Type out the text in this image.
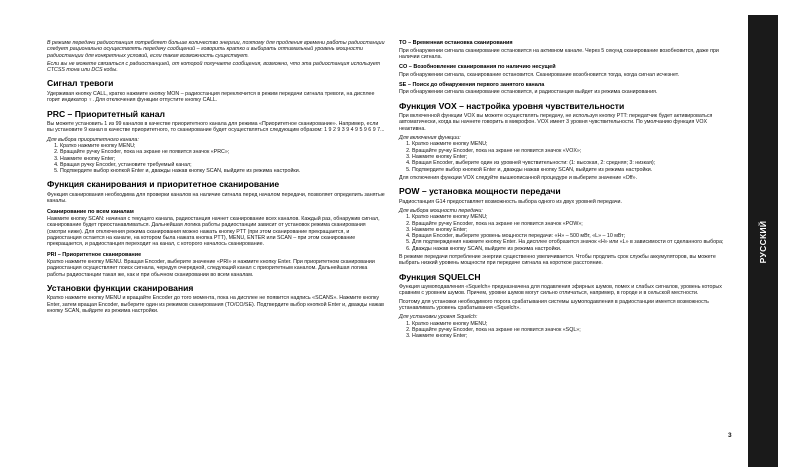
В режиме передачи радиостанция потребляет больше количество энергии, поэтому для продления времени работы радиостанции следует рационально осуществлять передачу сообщений – говорить кратко и выбирать оптимальный уровень мощности радиостанции для конкретных условий, если такая возможность существует.

Если вы не можете связаться с радиостанцией, от которой получаете сообщения, возможно, что эта радиостанция использует CTCSS тона или DCS коды.

Сигнал тревоги

Удерживая кнопку CALL, кратко нажмите кнопку MON – радиостанция переключится в режим передачи сигнала тревоги, на дисплее горит индикатор ♀. Для отключения функции отпустите кнопку CALL.

PRC – Приоритетный канал

Вы можете установить 1 из 99 каналов в качестве приоритетного канала для режима «Приоритетное сканирование». Например, если вы установите 9 канал в качестве приоритетного, то сканирование будет осуществляться следующим образом: 1 9 2 9 3 9 4 9 5 9 6 9 7...

Для выбора приоритетного канала:

1. Кратко нажмите кнопку MENU;
2. Вращайте ручку Encoder, пока на экране не появится значок «PRC»;
3. Нажмите кнопку Enter;
4. Вращая ручку Encoder, установите требуемый канал;
5. Подтвердите выбор кнопкой Enter и, дважды нажав кнопку SCAN, выйдите из режима настройки.
Функция сканирования и приоритетное сканирование

Функция сканирования необходима для проверки каналов на наличие сигнала перед началом передачи, позволяет определить занятые каналы.

Сканирование по всем каналам

Нажмите кнопку SCAN: начиная с текущего канала, радиостанция начнет сканирование всех каналов. Каждый раз, обнаружив сигнал, сканирование будет приостанавливаться. Дальнейшая логика работы радиостанции зависит от установок режима сканирования (смотри ниже). Для отключения режима сканирования можно нажать кнопку PTT (при этом сканирование прекращается, и радиостанция остается на канале, на котором была нажата кнопка PTT), MENU, ENTER или SCAN – при этом сканирование прекращается, и радиостанция переходит на канал, с которого началось сканирование.

PRI – Приоритетное сканирование

Кратко нажмите кнопку MENU. Вращая Encoder, выберите значение «PRI» и нажмите кнопку Enter. При приоритетном сканировании радиостанция осуществляет поиск сигнала, чередуя очередной, следующий канал с приоритетным каналом. Дальнейшая логика работы радиостанции такая же, как и при обычном сканировании во всем каналам.

Установки функции сканирования

Кратко нажмите кнопку MENU и вращайте Encoder до того момента, пока на дисплее не появится надпись «SCANS». Нажмите кнопку Enter, затем вращая Encoder, выберите один из режимов сканирования (TO/CO/SE). Подтвердите выбор кнопкой Enter и, дважды нажав кнопку SCAN, выйдите из режима настройки.

TO – Временная остановка сканирования

При обнаружении сигнала сканирование остановится на активном канале. Через 5 секунд сканирование возобновится, даже при наличии сигнала.

CO – Возобновление сканирования по наличию несущей

При обнаружении сигнала, сканирование остановится. Сканирование возобновится тогда, когда сигнал исчезнет.

SE – Поиск до обнаружения первого занятого канала

При обнаружении сигнала сканирование остановится, и радиостанция выйдет из режима сканирования.

Функция VOX – настройка уровня чувствительности

При включенной функции VOX вы можете осуществлять передачу, не используя кнопку PTT: передатчик будет активироваться автоматически, когда вы начнете говорить в микрофон. VOX имеет 3 уровня чувствительности. По умолчанию функция VOX неактивна.

Для включения функции:

1. Кратко нажмите кнопку MENU;
2. Вращайте ручку Encoder, пока на экране не появится значок «VOX»;
3. Нажмите кнопку Enter;
4. Вращая Encoder, выберите один из уровней чувствительности: (1: высокая, 2: средняя; 3: низкая);
5. Подтвердите выбор кнопкой Enter и, дважды нажав кнопку SCAN, выйдите из режима настройки.

Для отключения функции VOX следуйте вышеописанной процедуре и выберите значение «Off».

POW – установка мощности передачи

Радиостанция G14 предоставляет возможность выбора одного из двух уровней передачи.

Для выбора мощности передачи:

1. Кратко нажмите кнопку MENU;
2. Вращайте ручку Encoder, пока на экране не появится значок «POW»;
3. Нажмите кнопку Enter;
4. Вращая Encoder, выберите уровень мощности передачи: «H» – 500 мВт, «L» – 10 мВт;
5. Для подтверждения нажмите кнопку Enter. На дисплее отобразится значок «H» или «L» в зависимости от сделанного выбора;
6. Дважды нажав кнопку SCAN, выйдите из режима настройки.

В режиме передачи потребление энергии существенно увеличивается. Чтобы продлить срок службы аккумуляторов, вы можете выбрать низкий уровень мощности при передаче сигнала на короткое расстояние.

Функция SQUELCH

Функция шумоподавления «Squelch» предназначена для подавления эфирных шумов, помех и слабых сигналов, уровень которых сравним с уровнем шумов. Причем, уровни шумов могут сильно отличаться, например, в городе и в сельской местности.

Поэтому для установки необходимого порога срабатывания системы шумоподавления в радиостанции имеется возможность устанавливать уровень срабатывания «Squelch».

Для установки уровня Squelch:

1. Кратко нажмите кнопку MENU;
2. Вращайте ручку Encoder, пока на экране не появится значок «SQL»;
3. Нажмите кнопку Enter;
РУССКИЙ
3
